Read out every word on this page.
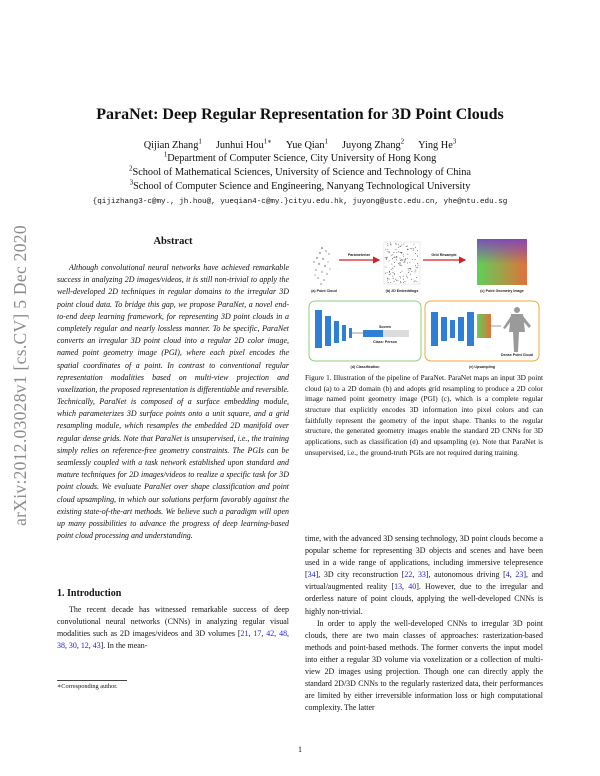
arXiv:2012.03028v1 [cs.CV] 5 Dec 2020
ParaNet: Deep Regular Representation for 3D Point Clouds
Qijian Zhang$^1$ Junhui Hou$^{1∗}$ Yue Qian$^1$ Juyong Zhang$^2$ Ying He$^3$
$^1$Department of Computer Science, City University of Hong Kong
$^2$School of Mathematical Sciences, University of Science and Technology of China
$^3$School of Computer Science and Engineering, Nanyang Technological University
{qijizhang3-c@my., jh.hou@, yueqian4-c@my.}cityu.edu.hk, juyong@ustc.edu.cn, yhe@ntu.edu.sg
Abstract

Although convolutional neural networks have achieved remarkable success in analyzing 2D images/videos, it is still non-trivial to apply the well-developed 2D techniques in regular domains to the irregular 3D point cloud data. To bridge this gap, we propose ParaNet, a novel end-to-end deep learning framework, for representing 3D point clouds in a completely regular and nearly lossless manner. To be specific, ParaNet converts an irregular 3D point cloud into a regular 2D color image, named point geometry image (PGI), where each pixel encodes the spatial coordinates of a point. In contrast to conventional regular representation modalities based on multi-view projection and voxelization, the proposed representation is differentiable and reversible. Technically, ParaNet is composed of a surface embedding module, which parameterizes 3D surface points onto a unit square, and a grid resampling module, which resamples the embedded 2D manifold over regular dense grids. Note that ParaNet is unsupervised, i.e., the training simply relies on reference-free geometry constraints. The PGIs can be seamlessly coupled with a task network established upon standard and mature techniques for 2D images/videos to realize a specific task for 3D point clouds. We evaluate ParaNet over shape classification and point cloud upsampling, in which our solutions perform favorably against the existing state-of-the-art methods. We believe such a paradigm will open up many possibilities to advance the progress of deep learning-based point cloud processing and understanding.

1. Introduction

The recent decade has witnessed remarkable success of deep convolutional neural networks (CNNs) in analyzing regular visual modalities such as 2D images/videos and 3D volumes [21, 17, 42, 48, 38, 30, 12, 43]. In the mean-

∗Corresponding author.
Parameterize	Grid Resample
(a) Point Cloud	(b) 2D Embeddings	(c) Point Geometry Image
Scores
Class: Person
(d) Classification
Dense Point Cloud
(e) Upsampling
Figure 1. Illustration of the pipeline of ParaNet. ParaNet maps an input 3D point cloud (a) to a 2D domain (b) and adopts grid resampling to produce a 2D color image named point geometry image (PGI) (c), which is a complete regular structure that explicitly encodes 3D information into pixel colors and can faithfully represent the geometry of the input shape. Thanks to the regular structure, the generated geometry images enable the standard 2D CNNs for 3D applications, such as classification (d) and upsampling (e). Note that ParaNet is unsupervised, i.e., the ground-truth PGIs are not required during training.

time, with the advanced 3D sensing technology, 3D point clouds become a popular scheme for representing 3D objects and scenes and have been used in a wide range of applications, including immersive telepresence [34], 3D city reconstruction [22, 33], autonomous driving [4, 23], and virtual/augmented reality [13, 40]. However, due to the irregular and orderless nature of point clouds, applying the well-developed CNNs is highly non-trivial.

In order to apply the well-developed CNNs to irregular 3D point clouds, there are two main classes of approaches: rasterization-based methods and point-based methods. The former converts the input model into either a regular 3D volume via voxelization or a collection of multi-view 2D images using projection. Though one can directly apply the standard 2D/3D CNNs to the regularly rasterized data, their performances are limited by either irreversible information loss or high computational complexity. The latter

1
